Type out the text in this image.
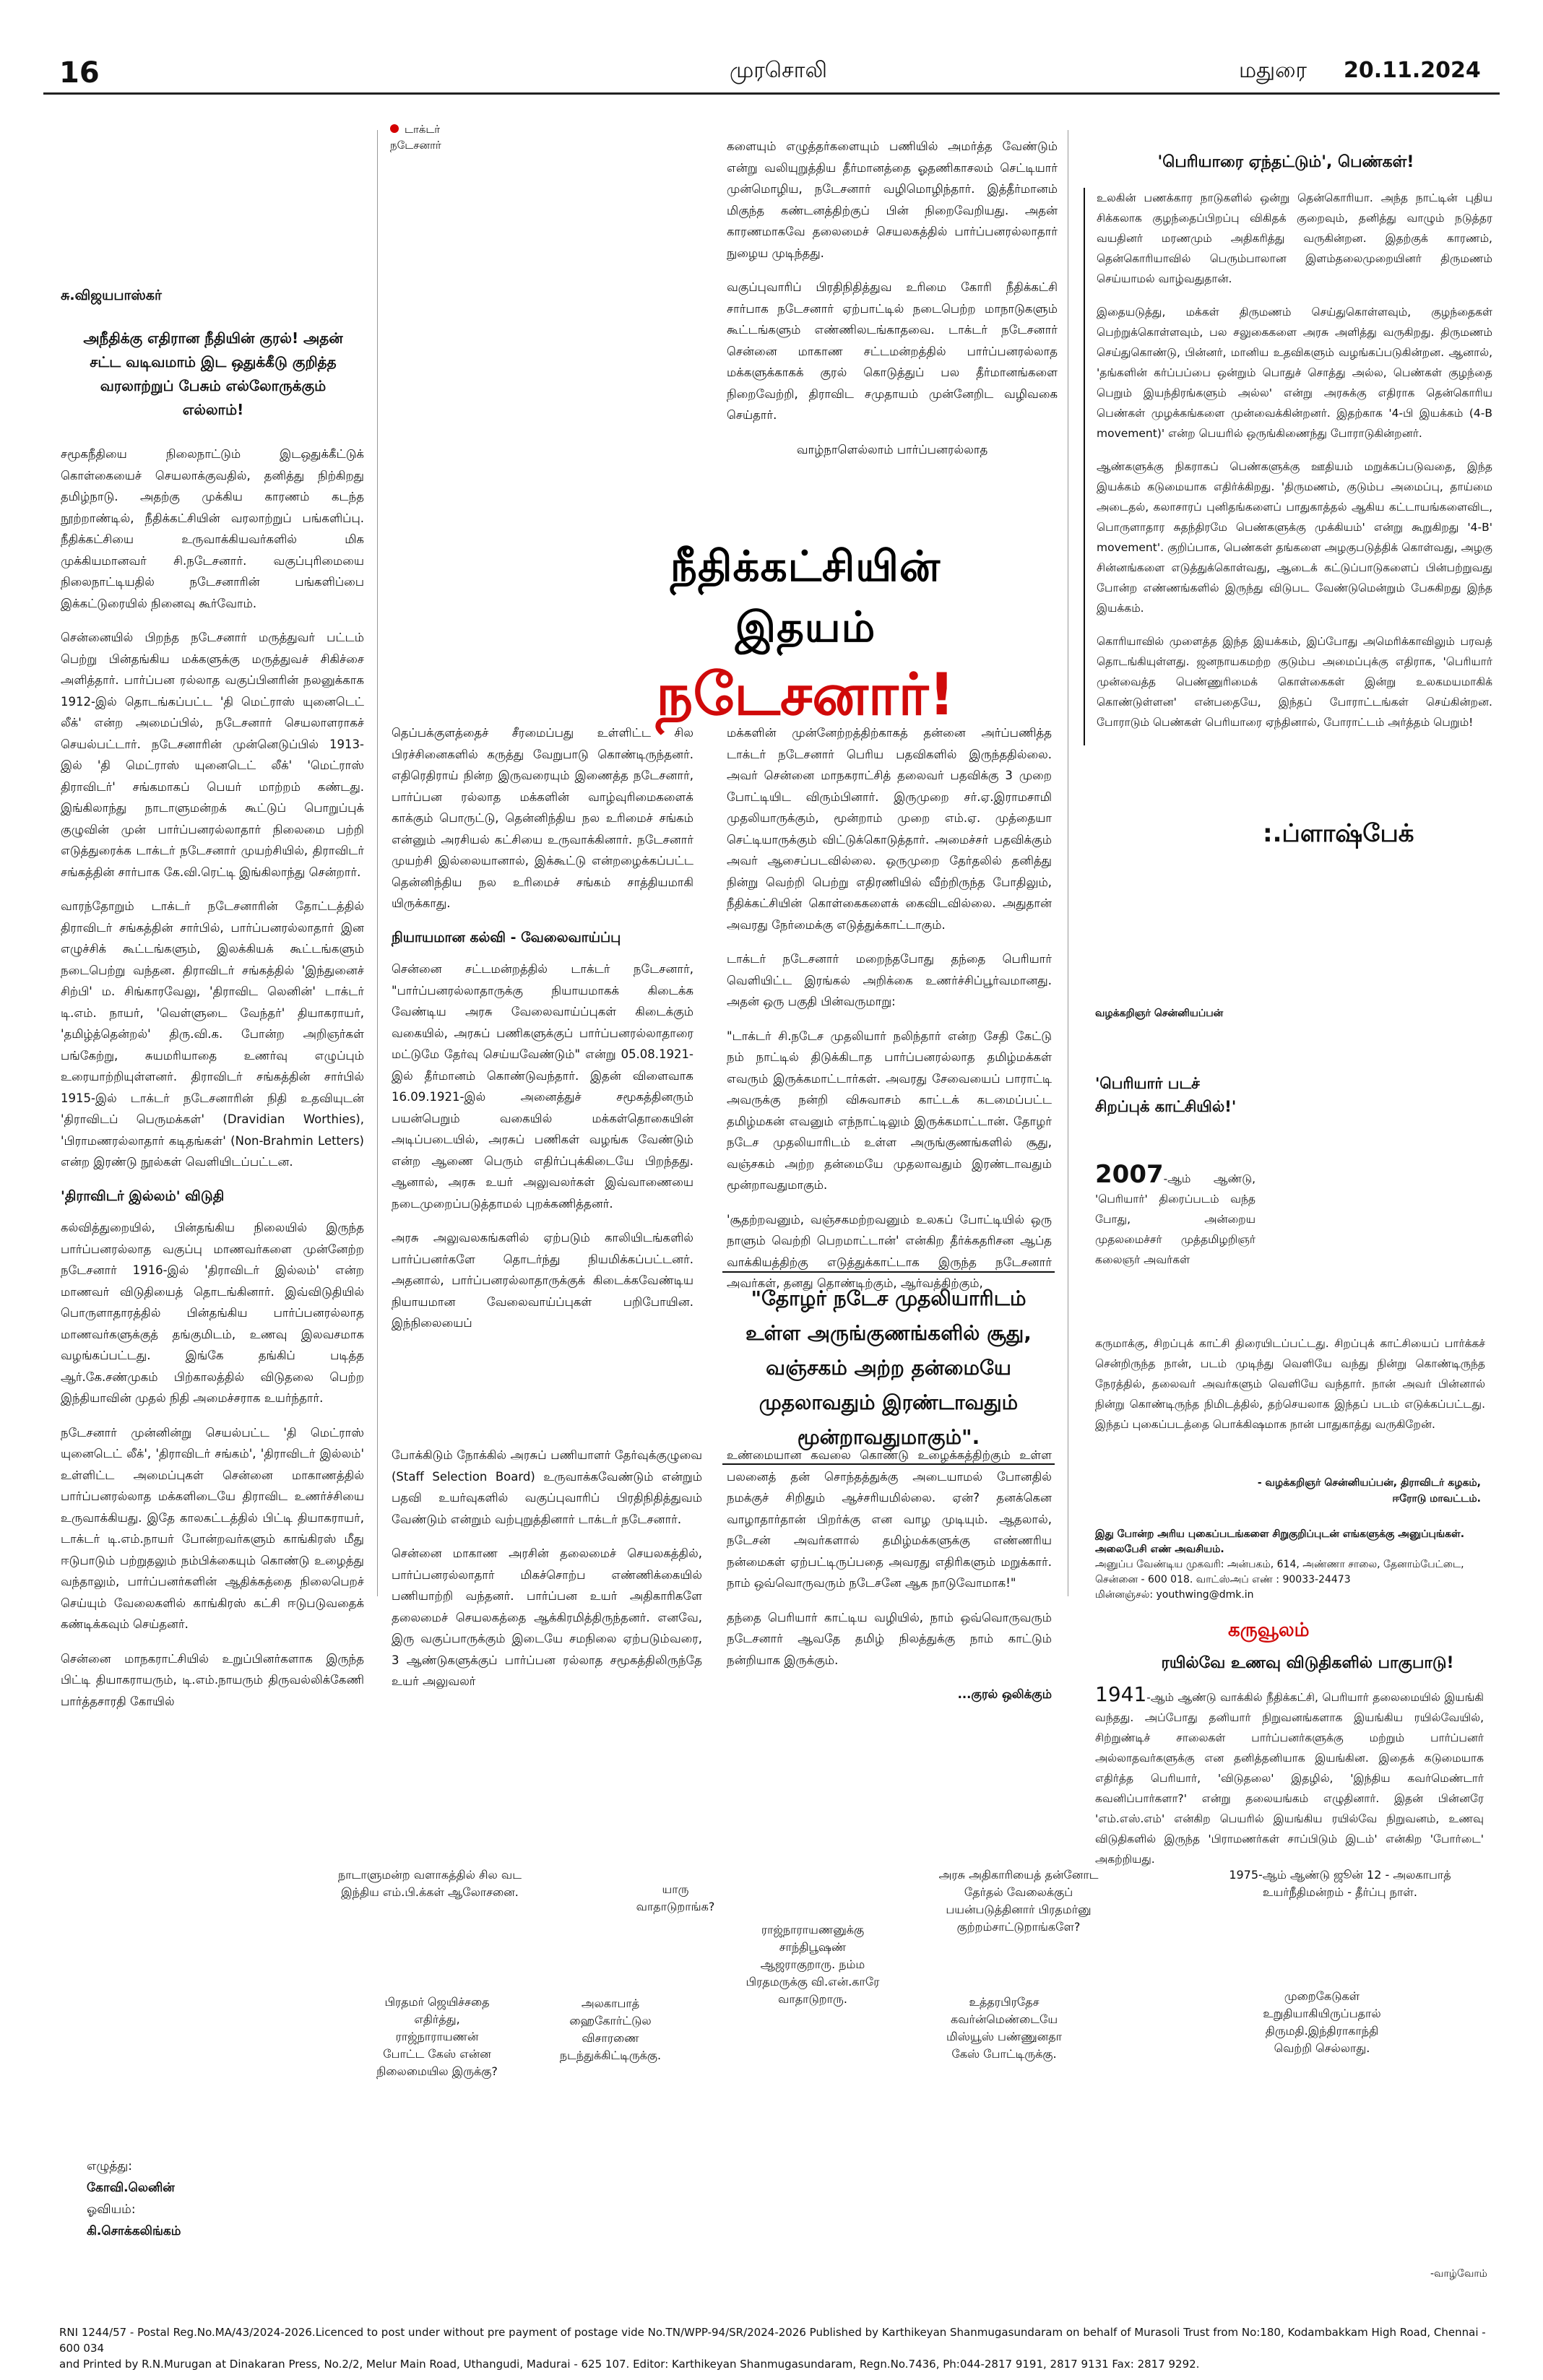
16	முரசொலி	மதுரை 20.11.2024
டாக்டர் நடேசனார்
சு.விஜயபாஸ்கர்
அநீதிக்கு எதிரான நீதியின் குரல்! அதன் சட்ட வடிவமாம் இட ஒதுக்கீடு குறித்த வரலாற்றுப் பேசும் எல்லோருக்கும் எல்லாம்!

சமூகநீதியை நிலைநாட்டும் இடஒதுக்கீட்டுக் கொள்கையைச் செயலாக்குவதில், தனித்து நிற்கிறது தமிழ்நாடு. அதற்கு முக்கிய காரணம் கடந்த நூற்றாண்டில், நீதிக்கட்சியின் வரலாற்றுப் பங்களிப்பு. நீதிக்கட்சியை உருவாக்கியவர்களில் மிக முக்கியமானவர் சி.நடேசனார். வகுப்புரிமையை நிலைநாட்டியதில் நடேசனாரின் பங்களிப்பை இக்கட்டுரையில் நினைவு கூர்வோம்.

சென்னையில் பிறந்த நடேசனார் மருத்துவர் பட்டம் பெற்று பின்தங்கிய மக்களுக்கு மருத்துவச் சிகிச்சை அளித்தார். பார்ப்பன ரல்லாத வகுப்பினரின் நலனுக்காக 1912-இல் தொடங்கப்பட்ட 'தி மெட்ராஸ் யுனைடெட் லீக்' என்ற அமைப்பில், நடேசனார் செயலாளராகச் செயல்பட்டார். நடேசனாரின் முன்னெடுப்பில் 1913-இல் 'தி மெட்ராஸ் யுனைடெட் லீக்' 'மெட்ராஸ் திராவிடர்' சங்கமாகப் பெயர் மாற்றம் கண்டது. இங்கிலாந்து நாடாளுமன்றக் கூட்டுப் பொறுப்புக் குழுவின் முன் பார்ப்பனரல்லாதார் நிலைமை பற்றி எடுத்துரைக்க டாக்டர் நடேசனார் முயற்சியில், திராவிடர் சங்கத்தின் சார்பாக கே.வி.ரெட்டி இங்கிலாந்து சென்றார்.

வாரந்தோறும் டாக்டர் நடேசனாரின் தோட்டத்தில் திராவிடர் சங்கத்தின் சார்பில், பார்ப்பனரல்லாதார் இன எழுச்சிக் கூட்டங்களும், இலக்கியக் கூட்டங்களும் நடைபெற்று வந்தன. திராவிடர் சங்கத்தில் 'இந்துனைச் சிற்பி' ம. சிங்காரவேலு, 'திராவிட லெனின்' டாக்டர் டி.எம். நாயர், 'வெள்ளுடை வேந்தர்' தியாகராயர், 'தமிழ்த்தென்றல்' திரு.வி.க. போன்ற அறிஞர்கள் பங்கேற்று, சுயமரியாதை உணர்வு எழுப்பும் உரையாற்றியுள்ளனர். திராவிடர் சங்கத்தின் சார்பில் 1915-இல் டாக்டர் நடேசனாரின் நிதி உதவியுடன் 'திராவிடப் பெருமக்கள்' (Dravidian Worthies), 'பிராமணரல்லாதார் கடிதங்கள்' (Non-Brahmin Letters) என்ற இரண்டு நூல்கள் வெளியிடப்பட்டன.

'திராவிடர் இல்லம்' விடுதி

கல்வித்துறையில், பின்தங்கிய நிலையில் இருந்த பார்ப்பனரல்லாத வகுப்பு மாணவர்களை முன்னேற்ற நடேசனார் 1916-இல் 'திராவிடர் இல்லம்' என்ற மாணவர் விடுதியைத் தொடங்கினார். இவ்விடுதியில் பொருளாதாரத்தில் பின்தங்கிய பார்ப்பனரல்லாத மாணவர்களுக்குத் தங்குமிடம், உணவு இலவசமாக வழங்கப்பட்டது. இங்கே தங்கிப் படித்த ஆர்.கே.சண்முகம் பிற்காலத்தில் விடுதலை பெற்ற இந்தியாவின் முதல் நிதி அமைச்சராக உயர்ந்தார்.

நடேசனார் முன்னின்று செயல்பட்ட 'தி மெட்ராஸ் யுனைடெட் லீக்', 'திராவிடர் சங்கம்', 'திராவிடர் இல்லம்' உள்ளிட்ட அமைப்புகள் சென்னை மாகாணத்தில் பார்ப்பனரல்லாத மக்களிடையே திராவிட உணர்ச்சியை உருவாக்கியது. இதே காலகட்டத்தில் பிட்டி தியாகராயர், டாக்டர் டி.எம்.நாயர் போன்றவர்களும் காங்கிரஸ் மீது ஈடுபாடும் பற்றுதலும் நம்பிக்கையும் கொண்டு உழைத்து வந்தாலும், பார்ப்பனர்களின் ஆதிக்கத்தை நிலைபெறச் செய்யும் வேலைகளில் காங்கிரஸ் கட்சி ஈடுபடுவதைக் கண்டிக்கவும் செய்தனர்.

சென்னை மாநகராட்சியில் உறுப்பினர்களாக இருந்த பிட்டி தியாகராயரும், டி.எம்.நாயரும் திருவல்லிக்கேணி பார்த்தசாரதி கோயில்

நீதிக்கட்சியின்
இதயம்
நடேசனார்!

தெப்பக்குளத்தைச் சீரமைப்பது உள்ளிட்ட சில பிரச்சினைகளில் கருத்து வேறுபாடு கொண்டிருந்தனர். எதிரெதிராய் நின்ற இருவரையும் இணைத்த நடேசனார், பார்ப்பன ரல்லாத மக்களின் வாழ்வுரிமைகளைக் காக்கும் பொருட்டு, தென்னிந்திய நல உரிமைச் சங்கம் என்னும் அரசியல் கட்சியை உருவாக்கினார். நடேசனார் முயற்சி இல்லையானால், இக்கூட்டு என்றழைக்கப்பட்ட தென்னிந்திய நல உரிமைச் சங்கம் சாத்தியமாகி யிருக்காது.

நியாயமான கல்வி - வேலைவாய்ப்பு

சென்னை சட்டமன்றத்தில் டாக்டர் நடேசனார், "பார்ப்பனரல்லாதாருக்கு நியாயமாகக் கிடைக்க வேண்டிய அரசு வேலைவாய்ப்புகள் கிடைக்கும் வகையில், அரசுப் பணிகளுக்குப் பார்ப்பனரல்லாதாரை மட்டுமே தேர்வு செய்யவேண்டும்" என்று 05.08.1921-இல் தீர்மானம் கொண்டுவந்தார். இதன் விளைவாக 16.09.1921-இல் அனைத்துச் சமூகத்தினரும் பயன்பெறும் வகையில் மக்கள்தொகையின் அடிப்படையில், அரசுப் பணிகள் வழங்க வேண்டும் என்ற ஆணை பெரும் எதிர்ப்புக்கிடையே பிறந்தது. ஆனால், அரசு உயர் அலுவலர்கள் இவ்வாணையை நடைமுறைப்படுத்தாமல் புறக்கணித்தனர்.

அரசு அலுவலகங்களில் ஏற்படும் காலியிடங்களில் பார்ப்பனர்களே தொடர்ந்து நியமிக்கப்பட்டனர். அதனால், பார்ப்பனரல்லாதாருக்குக் கிடைக்கவேண்டிய நியாயமான வேலைவாய்ப்புகள் பறிபோயின. இந்நிலையைப்

களையும் எழுத்தர்களையும் பணியில் அமர்த்த வேண்டும் என்று வலியுறுத்திய தீர்மானத்தை ஓதணிகாசலம் செட்டியார் முன்மொழிய, நடேசனார் வழிமொழிந்தார். இத்தீர்மானம் மிகுந்த கண்டனத்திற்குப் பின் நிறைவேறியது. அதன் காரணமாகவே தலைமைச் செயலகத்தில் பார்ப்பனரல்லாதார் நுழைய முடிந்தது.

வகுப்புவாரிப் பிரதிநிதித்துவ உரிமை கோரி நீதிக்கட்சி சார்பாக நடேசனார் ஏற்பாட்டில் நடைபெற்ற மாநாடுகளும் கூட்டங்களும் எண்ணிலடங்காதவை. டாக்டர் நடேசனார் சென்னை மாகாண சட்டமன்றத்தில் பார்ப்பனரல்லாத மக்களுக்காகக் குரல் கொடுத்துப் பல தீர்மானங்களை நிறைவேற்றி, திராவிட சமுதாயம் முன்னேறிட வழிவகை செய்தார்.

வாழ்நாளெல்லாம் பார்ப்பனரல்லாத

மக்களின் முன்னேற்றத்திற்காகத் தன்னை அர்ப்பணித்த டாக்டர் நடேசனார் பெரிய பதவிகளில் இருந்ததில்லை. அவர் சென்னை மாநகராட்சித் தலைவர் பதவிக்கு 3 முறை போட்டியிட விரும்பினார். இருமுறை சர்.ஏ.இராமசாமி முதலியாருக்கும், மூன்றாம் முறை எம்.ஏ. முத்தையா செட்டியாருக்கும் விட்டுக்கொடுத்தார். அமைச்சர் பதவிக்கும் அவர் ஆசைப்படவில்லை. ஒருமுறை தேர்தலில் தனித்து நின்று வெற்றி பெற்று எதிரணியில் வீற்றிருந்த போதிலும், நீதிக்கட்சியின் கொள்கைகளைக் கைவிடவில்லை. அதுதான் அவரது நேர்மைக்கு எடுத்துக்காட்டாகும்.

டாக்டர் நடேசனார் மறைந்தபோது தந்தை பெரியார் வெளியிட்ட இரங்கல் அறிக்கை உணர்ச்சிப்பூர்வமானது. அதன் ஒரு பகுதி பின்வருமாறு:

"டாக்டர் சி.நடேச முதலியார் நலிந்தார் என்ற சேதி கேட்டு நம் நாட்டில் திடுக்கிடாத பார்ப்பனரல்லாத தமிழ்மக்கள் எவரும் இருக்கமாட்டார்கள். அவரது சேவையைப் பாராட்டி அவருக்கு நன்றி விசுவாசம் காட்டக் கடமைப்பட்ட தமிழ்மகன் எவனும் எந்நாட்டிலும் இருக்கமாட்டான். தோழர் நடேச முதலியாரிடம் உள்ள அருங்குணங்களில் சூது, வஞ்சகம் அற்ற தன்மையே முதலாவதும் இரண்டாவதும் மூன்றாவதுமாகும்.

'சூதற்றவனும், வஞ்சகமற்றவனும் உலகப் போட்டியில் ஒரு நாளும் வெற்றி பெறமாட்டான்' என்கிற தீர்க்கதரிசன ஆப்த வாக்கியத்திற்கு எடுத்துக்காட்டாக இருந்த நடேசனார் அவர்கள், தனது தொண்டிற்கும், ஆர்வத்திற்கும்,

"தோழர் நடேச முதலியாரிடம் உள்ள அருங்குணங்களில் சூது, வஞ்சகம் அற்ற தன்மையே முதலாவதும் இரண்டாவதும் மூன்றாவதுமாகும்".

போக்கிடும் நோக்கில் அரசுப் பணியாளர் தேர்வுக்குழுவை (Staff Selection Board) உருவாக்கவேண்டும் என்றும் பதவி உயர்வுகளில் வகுப்புவாரிப் பிரதிநிதித்துவம் வேண்டும் என்றும் வற்புறுத்தினார் டாக்டர் நடேசனார்.

சென்னை மாகாண அரசின் தலைமைச் செயலகத்தில், பார்ப்பனரல்லாதார் மிகச்சொற்ப எண்ணிக்கையில் பணியாற்றி வந்தனர். பார்ப்பன உயர் அதிகாரிகளே தலைமைச் செயலகத்தை ஆக்கிரமித்திருந்தனர். எனவே, இரு வகுப்பாருக்கும் இடையே சமநிலை ஏற்படும்வரை, 3 ஆண்டுகளுக்குப் பார்ப்பன ரல்லாத சமூகத்திலிருந்தே உயர் அலுவலர்

உண்மையான கவலை கொண்டு உழைக்கத்திற்கும் உள்ள பலனைத் தன் சொந்தத்துக்கு அடையாமல் போனதில் நமக்குச் சிறிதும் ஆச்சரியமில்லை. ஏன்? தனக்கென வாழாதார்தான் பிறர்க்கு என வாழ முடியும். ஆதலால், நடேசன் அவர்களால் தமிழ்மக்களுக்கு எண்ணரிய நன்மைகள் ஏற்பட்டிருப்பதை அவரது எதிரிகளும் மறுக்கார். நாம் ஒவ்வொருவரும் நடேசனே ஆக நாடுவோமாக!"

தந்தை பெரியார் காட்டிய வழியில், நாம் ஒவ்வொருவரும் நடேசனார் ஆவதே தமிழ் நிலத்துக்கு நாம் காட்டும் நன்றியாக இருக்கும்.

...குரல் ஒலிக்கும்
'பெரியாரை ஏந்தட்டும்', பெண்கள்!

உலகின் பணக்கார நாடுகளில் ஒன்று தென்கொரியா. அந்த நாட்டின் புதிய சிக்கலாக குழந்தைப்பிறப்பு விகிதக் குறைவும், தனித்து வாழும் நடுத்தர வயதினர் மரணமும் அதிகரித்து வருகின்றன. இதற்குக் காரணம், தென்கொரியாவில் பெரும்பாலான இளம்தலைமுறையினர் திருமணம் செய்யாமல் வாழ்வதுதான்.

இதையடுத்து, மக்கள் திருமணம் செய்துகொள்ளவும், குழந்தைகள் பெற்றுக்கொள்ளவும், பல சலுகைகளை அரசு அளித்து வருகிறது. திருமணம் செய்துகொண்டு, பின்னர், மானிய உதவிகளும் வழங்கப்படுகின்றன. ஆனால், 'தங்களின் கர்ப்பப்பை ஒன்றும் பொதுச் சொத்து அல்ல, பெண்கள் குழந்தை பெறும் இயந்திரங்களும் அல்ல' என்று அரசுக்கு எதிராக தென்கொரிய பெண்கள் முழக்கங்களை முன்வைக்கின்றனர். இதற்காக '4-பி இயக்கம் (4-B movement)' என்ற பெயரில் ஒருங்கிணைந்து போராடுகின்றனர்.

ஆண்களுக்கு நிகராகப் பெண்களுக்கு ஊதியம் மறுக்கப்படுவதை, இந்த இயக்கம் கடுமையாக எதிர்க்கிறது. 'திருமணம், குடும்ப அமைப்பு, தாய்மை அடைதல், கலாசாரப் புனிதங்களைப் பாதுகாத்தல் ஆகிய கட்டாயங்களைவிட, பொருளாதார சுதந்திரமே பெண்களுக்கு முக்கியம்' என்று கூறுகிறது '4-B' movement'. குறிப்பாக, பெண்கள் தங்களை அழகுபடுத்திக் கொள்வது, அழகு சின்னங்களை எடுத்துக்கொள்வது, ஆடைக் கட்டுப்பாடுகளைப் பின்பற்றுவது போன்ற எண்ணங்களில் இருந்து விடுபட வேண்டுமென்றும் பேசுகிறது இந்த இயக்கம்.

கொரியாவில் முளைத்த இந்த இயக்கம், இப்போது அமெரிக்காவிலும் பரவத் தொடங்கியுள்ளது. ஜனநாயகமற்ற குடும்ப அமைப்புக்கு எதிராக, 'பெரியார் முன்வைத்த பெண்ணுரிமைக் கொள்கைகள் இன்று உலகமயமாகிக் கொண்டுள்ளன' என்பதையே, இந்தப் போராட்டங்கள் செய்கின்றன. போராடும் பெண்கள் பெரியாரை ஏந்தினால், போராட்டம் அர்த்தம் பெறும்!

:.ப்ளாஷ்பேக்
வழக்கறிஞர் சென்னியப்பன்
'பெரியார் படச் சிறப்புக் காட்சியில்!'
2007-ஆம் ஆண்டு, 'பெரியார்' திரைப்படம் வந்த போது, அன்றைய முதலமைச்சர் முத்தமிழறிஞர் கலைஞர் அவர்கள்
கருமாக்கு, சிறப்புக் காட்சி திரையிடப்பட்டது. சிறப்புக் காட்சியைப் பார்க்கச் சென்றிருந்த நான், படம் முடிந்து வெளியே வந்து நின்று கொண்டிருந்த நேரத்தில், தலைவர் அவர்களும் வெளியே வந்தார். நான் அவர் பின்னால் நின்று கொண்டிருந்த நிமிடத்தில், தற்செயலாக இந்தப் படம் எடுக்கப்பட்டது. இந்தப் புகைப்படத்தை பொக்கிஷமாக நான் பாதுகாத்து வருகிறேன்.
- வழக்கறிஞர் சென்னியப்பன், திராவிடர் கழகம், ஈரோடு மாவட்டம்.
இது போன்ற அரிய புகைப்படங்களை சிறுகுறிப்புடன் எங்களுக்கு அனுப்புங்கள். அலைபேசி எண் அவசியம்.
அனுப்ப வேண்டிய முகவரி: அன்பகம், 614, அண்ணா சாலை, தேனாம்பேட்டை, சென்னை - 600 018. வாட்ஸ்அப் எண் : 90033-24473
மின்னஞ்சல்: youthwing@dmk.in
கருவூலம்
ரயில்வே உணவு விடுதிகளில் பாகுபாடு!
1941-ஆம் ஆண்டு வாக்கில் நீதிக்கட்சி, பெரியார் தலைமையில் இயங்கி வந்தது. அப்போது தனியார் நிறுவனங்களாக இயங்கிய ரயில்வேயில், சிற்றுண்டிச் சாலைகள் பார்ப்பனர்களுக்கு மற்றும் பார்ப்பனர் அல்லாதவர்களுக்கு என தனித்தனியாக இயங்கின. இதைக் கடுமையாக எதிர்த்த பெரியார், 'விடுதலை' இதழில், 'இந்திய கவர்மெண்டார் கவனிப்பார்களா?' என்று தலையங்கம் எழுதினார். இதன் பின்னரே 'எம்.எஸ்.எம்' என்கிற பெயரில் இயங்கிய ரயில்வே நிறுவனம், உணவு விடுதிகளில் இருந்த 'பிராமணர்கள் சாப்பிடும் இடம்' என்கிற 'போர்டை' அகற்றியது.
நாடாளுமன்ற வளாகத்தில் சில வட இந்திய எம்.பி.க்கள் ஆலோசனை.	யாரு வாதாடுறாங்க?
ராஜ்நாராயணனுக்கு சாந்திபூஷண் ஆஜராகுறாரு. நம்ம பிரதமருக்கு வி.என்.காரே வாதாடுறாரு.
அரசு அதிகாரியைத் தன்னோட தேர்தல் வேலைக்குப் பயன்படுத்தினார் பிரதமர்னு குற்றம்சாட்டுறாங்களே?
1975-ஆம் ஆண்டு ஜூன் 12 - அலகாபாத் உயர்நீதிமன்றம் - தீர்ப்பு நாள்.
பிரதமர் ஜெயிச்சதை எதிர்த்து, ராஜ்நாராயணன் போட்ட கேஸ் என்ன நிலைமையில இருக்கு?
அலகாபாத் ஹைகோர்ட்டுல விசாரணை நடந்துக்கிட்டிருக்கு.
உத்தரபிரதேச கவர்ன்மெண்டையே மிஸ்யூஸ் பண்ணுனதா கேஸ் போட்டிருக்கு.
முறைகேடுகள் உறுதியாகியிருப்பதால் திருமதி.இந்திராகாந்தி வெற்றி செல்லாது.
எழுத்து:
கோவி.லெனின்
ஓவியம்:
கி.சொக்கலிங்கம்
-வாழ்வோம்
RNI 1244/57 - Postal Reg.No.MA/43/2024-2026.Licenced to post under without pre payment of postage vide No.TN/WPP-94/SR/2024-2026 Published by Karthikeyan Shanmugasundaram on behalf of Murasoli Trust from No:180, Kodambakkam High Road, Chennai - 600 034
and Printed by R.N.Murugan at Dinakaran Press, No.2/2, Melur Main Road, Uthangudi, Madurai - 625 107. Editor: Karthikeyan Shanmugasundaram, Regn.No.7436, Ph:044-2817 9191, 2817 9131 Fax: 2817 9292.
